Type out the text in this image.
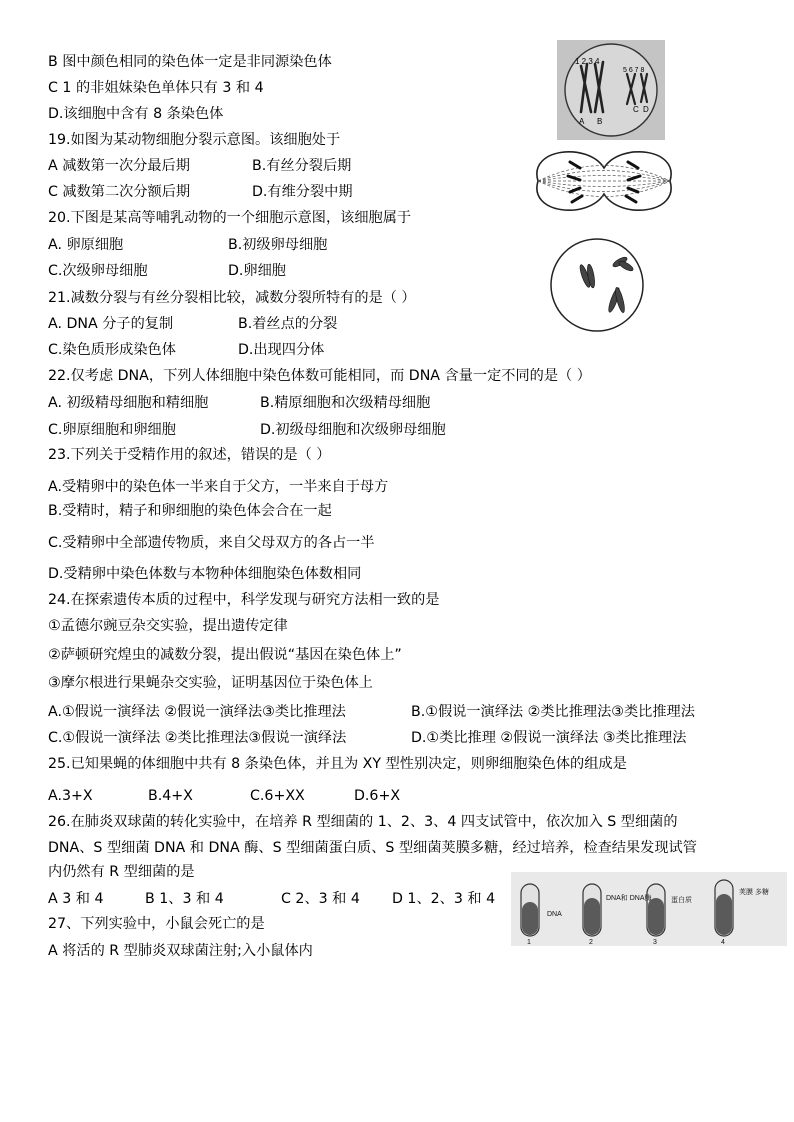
B 图中颜色相同的染色体一定是非同源染色体
C 1 的非姐妹染色单体只有 3 和 4
D.该细胞中含有 8 条染色体
19.如图为某动物细胞分裂示意图。该细胞处于
A 减数第一次分最后期	B.有丝分裂后期
C 减数第二次分额后期	D.有维分裂中期
20.下图是某高等哺乳动物的一个细胞示意图，该细胞属于
A. 卵原细胞	B.初级卵母细胞
C.次级卵母细胞	D.卵细胞
21.减数分裂与有丝分裂相比较，减数分裂所特有的是（ ）
A. DNA 分子的复制	B.着丝点的分裂
C.染色质形成染色体	D.出现四分体
22.仅考虑 DNA，下列人体细胞中染色体数可能相同，而 DNA 含量一定不同的是（ ）
A. 初级精母细胞和精细胞	B.精原细胞和次级精母细胞
C.卵原细胞和卵细胞	D.初级母细胞和次级卵母细胞
23.下列关于受精作用的叙述，错误的是（ ）
A.受精卵中的染色体一半来自于父方，一半来自于母方
B.受精时，精子和卵细胞的染色体会合在一起
C.受精卵中全部遗传物质，来自父母双方的各占一半
D.受精卵中染色体数与本物种体细胞染色体数相同
24.在探索遗传本质的过程中，科学发现与研究方法相一致的是
①孟德尔豌豆杂交实验，提出遗传定律
②萨顿研究煌虫的减数分裂，提出假说“基因在染色体上”
③摩尔根进行果蝇杂交实验，证明基因位于染色体上
A.①假说一演绎法 ②假说一演绎法③类比推理法	B.①假说一演绎法 ②类比推理法③类比推理法
C.①假说一演绎法 ②类比推理法③假说一演绎法	D.①类比推理 ②假说一演绎法 ③类比推理法
25.已知果蝇的体细胞中共有 8 条染色体，并且为 XY 型性别决定，则卵细胞染色体的组成是
A.3+X	B.4+X	C.6+XX	D.6+X
26.在肺炎双球菌的转化实验中，在培养 R 型细菌的 1、2、3、4 四支试管中，依次加入 S 型细菌的
DNA、S 型细菌 DNA 和 DNA 酶、S 型细菌蛋白质、S 型细菌荚膜多糖，经过培养，检查结果发现试管
内仍然有 R 型细菌的是
A 3 和 4	B 1、3 和 4	C 2、3 和 4 D 1、2、3 和 4
27、下列实验中，小鼠会死亡的是
A 将活的 R 型肺炎双球菌注射;入小鼠体内
1 2 3 4
5 6 7 8
A B
C D
DNA
DNA和 DNA酶	蛋白质
荚膜 多糖
1	2	3	4
